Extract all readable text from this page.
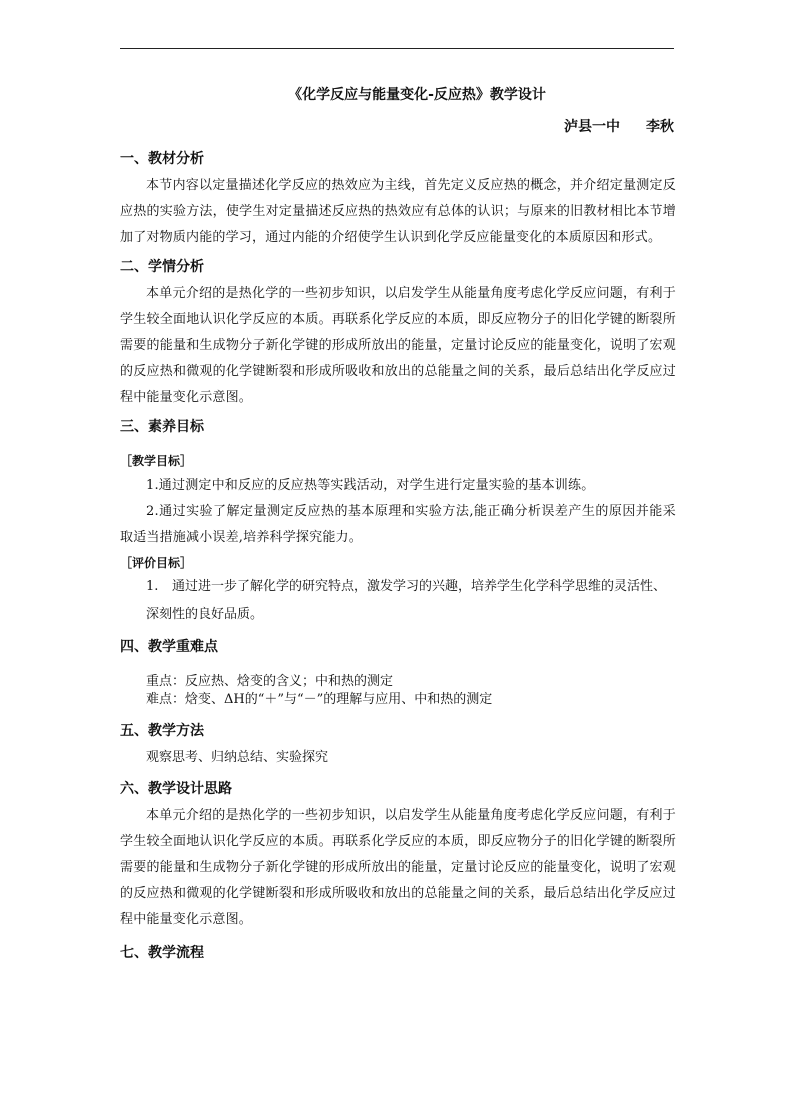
《化学反应与能量变化-反应热》教学设计
泸县一中 李秋
一、教材分析

本节内容以定量描述化学反应的热效应为主线，首先定义反应热的概念，并介绍定量测定反应热的实验方法，使学生对定量描述反应热的热效应有总体的认识；与原来的旧教材相比本节增加了对物质内能的学习，通过内能的介绍使学生认识到化学反应能量变化的本质原因和形式。

二、学情分析

本单元介绍的是热化学的一些初步知识，以启发学生从能量角度考虑化学反应问题，有利于学生较全面地认识化学反应的本质。再联系化学反应的本质，即反应物分子的旧化学键的断裂所需要的能量和生成物分子新化学键的形成所放出的能量，定量讨论反应的能量变化，说明了宏观的反应热和微观的化学键断裂和形成所吸收和放出的总能量之间的关系，最后总结出化学反应过程中能量变化示意图。

三、素养目标
［教学目标］

1.通过测定中和反应的反应热等实践活动，对学生进行定量实验的基本训练。

2.通过实验了解定量测定反应热的基本原理和实验方法,能正确分析误差产生的原因并能采取适当措施减小误差,培养科学探究能力。

［评价目标］
1. 通过进一步了解化学的研究特点，激发学习的兴趣，培养学生化学科学思维的灵活性、深刻性的良好品质。
四、教学重难点
重点：反应热、焓变的含义；中和热的测定
难点：焓变、ΔH的“＋”与“－”的理解与应用、中和热的测定
五、教学方法
观察思考、归纳总结、实验探究
六、教学设计思路

本单元介绍的是热化学的一些初步知识，以启发学生从能量角度考虑化学反应问题，有利于学生较全面地认识化学反应的本质。再联系化学反应的本质，即反应物分子的旧化学键的断裂所需要的能量和生成物分子新化学键的形成所放出的能量，定量讨论反应的能量变化，说明了宏观的反应热和微观的化学键断裂和形成所吸收和放出的总能量之间的关系，最后总结出化学反应过程中能量变化示意图。

七、教学流程
